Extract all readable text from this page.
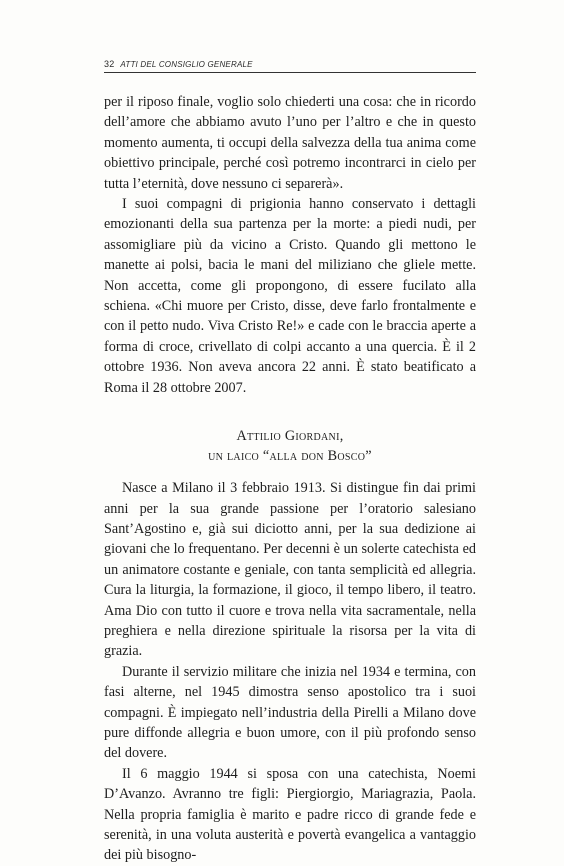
32 ATTI DEL CONSIGLIO GENERALE

per il riposo finale, voglio solo chiederti una cosa: che in ricordo dell’amore che abbiamo avuto l’uno per l’altro e che in questo momento aumenta, ti occupi della salvezza della tua anima come obiettivo principale, perché così potremo incontrarci in cielo per tutta l’eternità, dove nessuno ci separerà».

I suoi compagni di prigionia hanno conservato i dettagli emozionanti della sua partenza per la morte: a piedi nudi, per assomigliare più da vicino a Cristo. Quando gli mettono le manette ai polsi, bacia le mani del miliziano che gliele mette. Non accetta, come gli propongono, di essere fucilato alla schiena. «Chi muore per Cristo, disse, deve farlo frontalmente e con il petto nudo. Viva Cristo Re!» e cade con le braccia aperte a forma di croce, crivellato di colpi accanto a una quercia. È il 2 ottobre 1936. Non aveva ancora 22 anni. È stato beatificato a Roma il 28 ottobre 2007.

Attilio Giordani,
un laico “alla don Bosco”

Nasce a Milano il 3 febbraio 1913. Si distingue fin dai primi anni per la sua grande passione per l’oratorio salesiano Sant’Agostino e, già sui diciotto anni, per la sua dedizione ai giovani che lo frequentano. Per decenni è un solerte catechista ed un animatore costante e geniale, con tanta semplicità ed allegria. Cura la liturgia, la formazione, il gioco, il tempo libero, il teatro. Ama Dio con tutto il cuore e trova nella vita sacramentale, nella preghiera e nella direzione spirituale la risorsa per la vita di grazia.

Durante il servizio militare che inizia nel 1934 e termina, con fasi alterne, nel 1945 dimostra senso apostolico tra i suoi compagni. È impiegato nell’industria della Pirelli a Milano dove pure diffonde allegria e buon umore, con il più profondo senso del dovere.

Il 6 maggio 1944 si sposa con una catechista, Noemi D’Avanzo. Avranno tre figli: Piergiorgio, Mariagrazia, Paola. Nella propria famiglia è marito e padre ricco di grande fede e serenità, in una voluta austerità e povertà evangelica a vantaggio dei più bisogno-
